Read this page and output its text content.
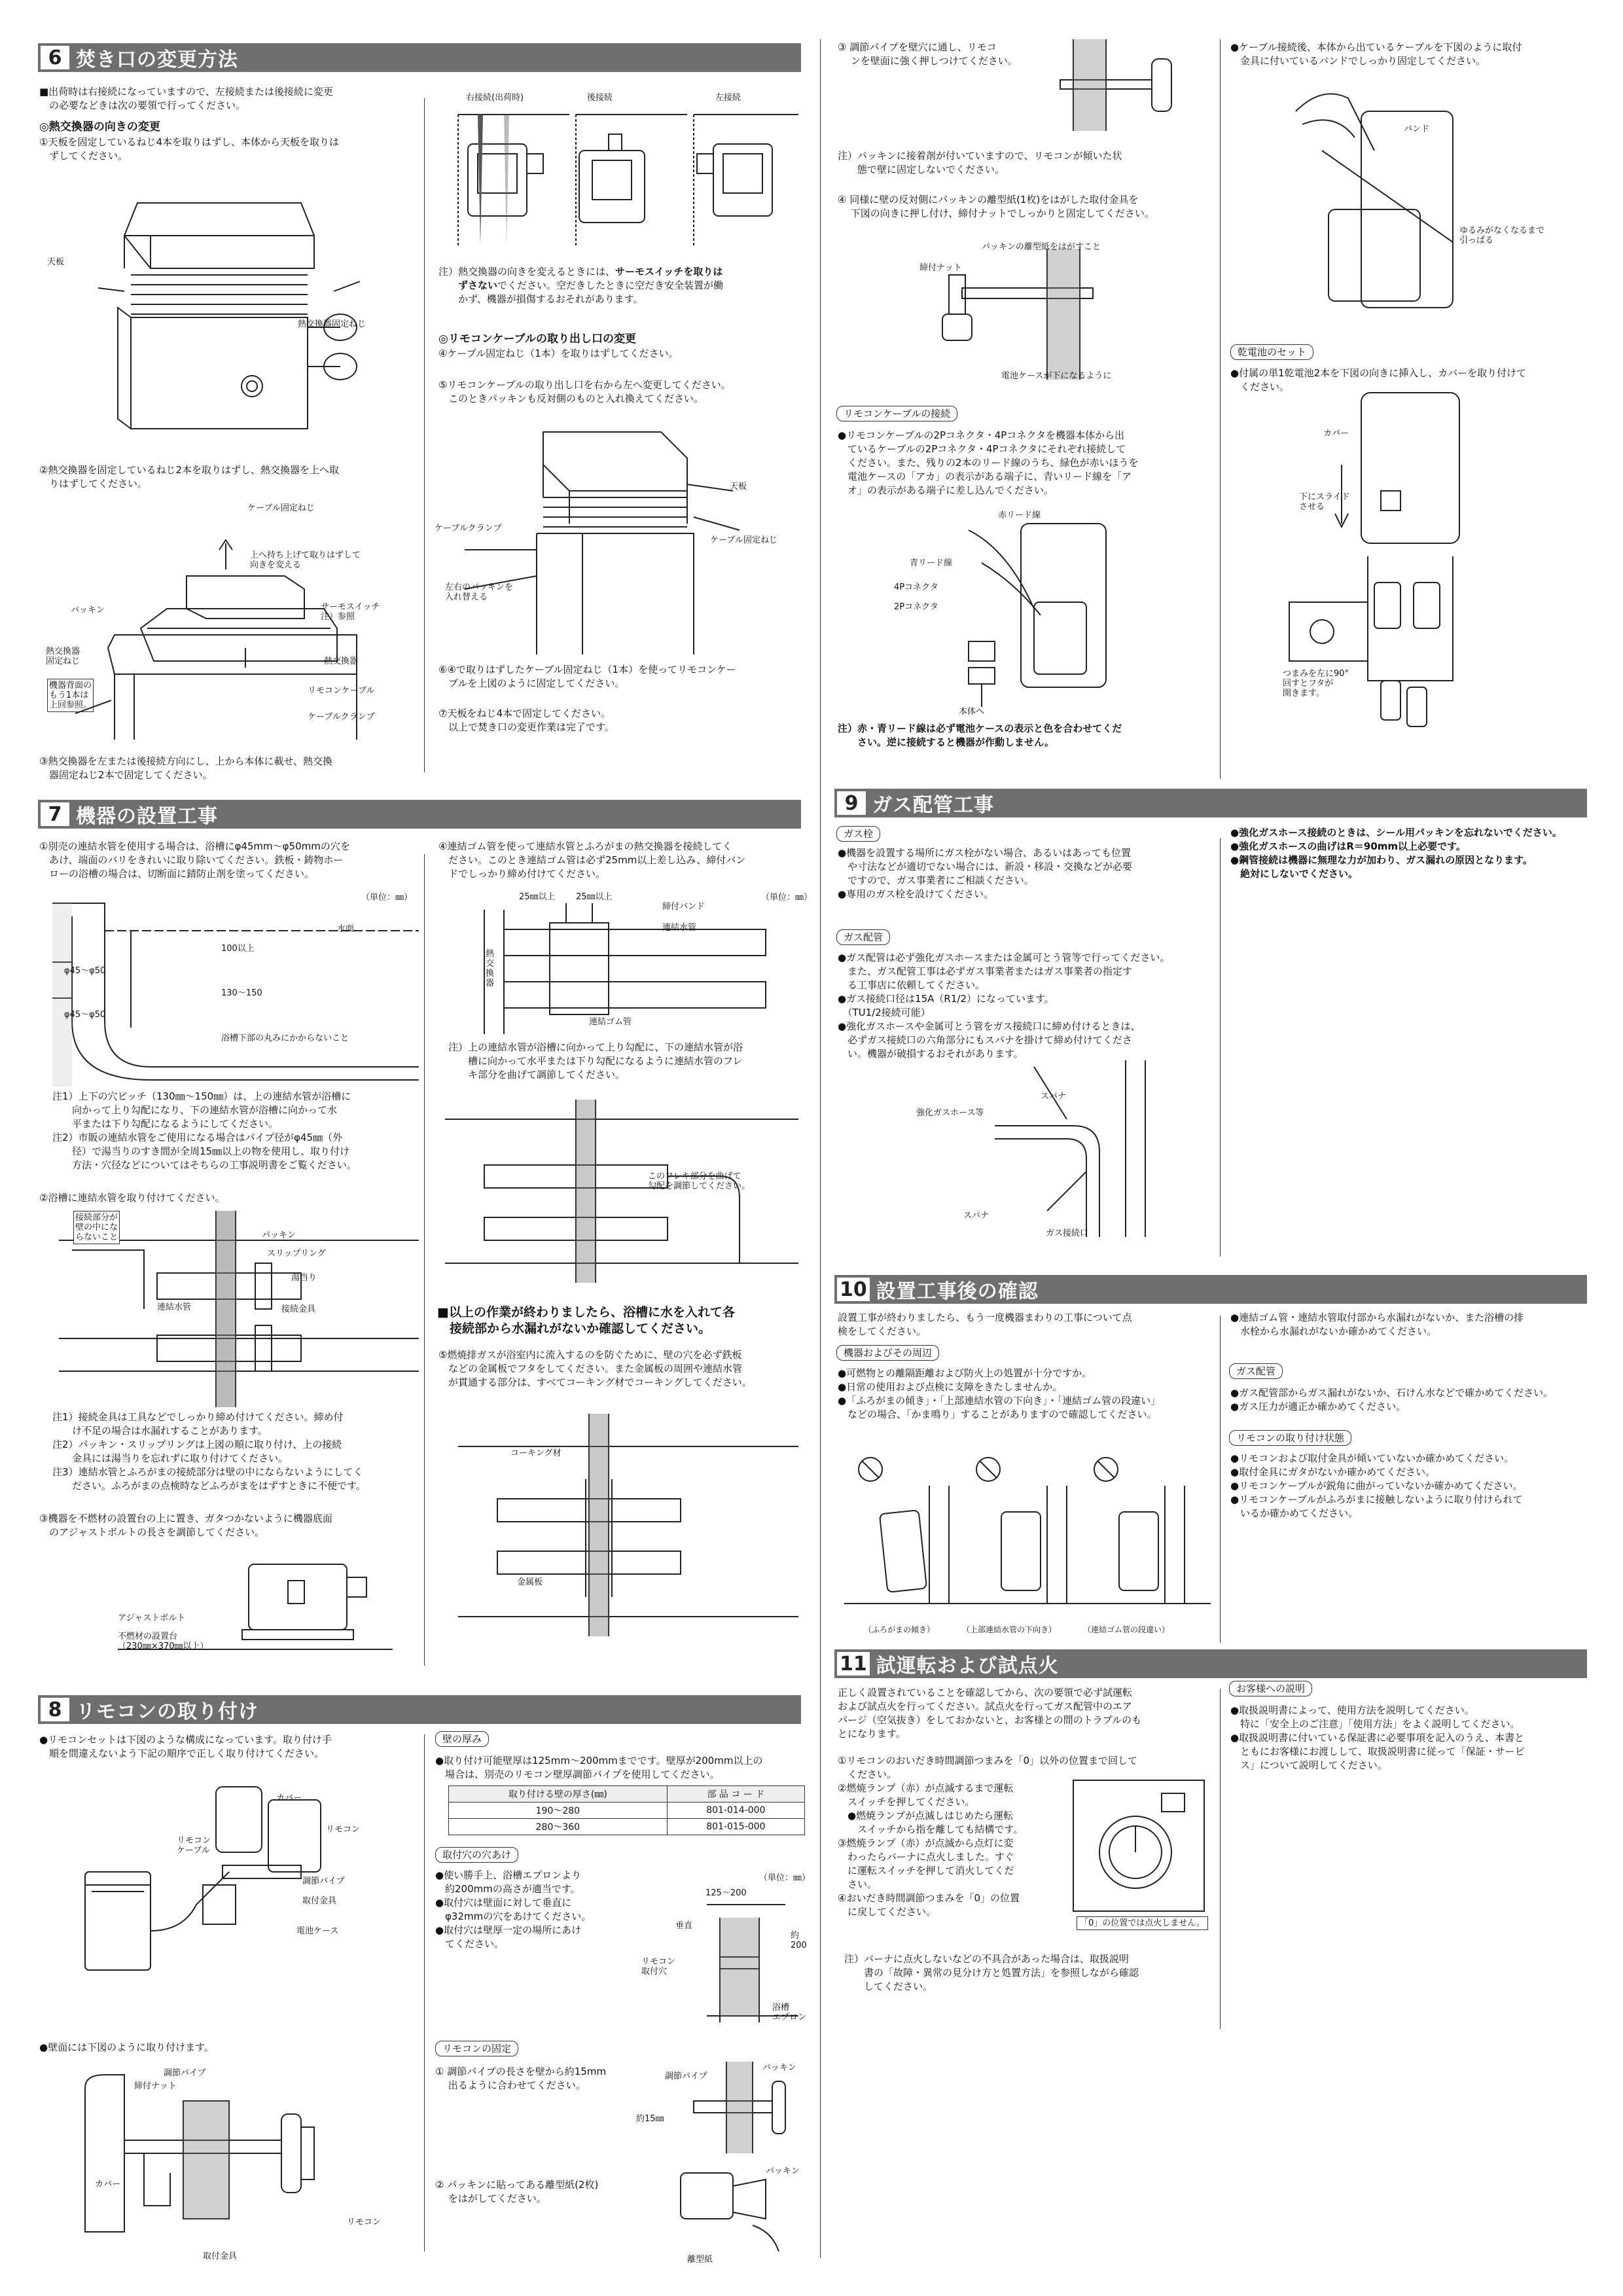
6 焚き口の変更方法
■出荷時は右接続になっていますので、左接続または後接続に変更
　の必要などきは次の要領で行ってください。
◎熱交換器の向きの変更
①天板を固定しているねじ4本を取りはずし、本体から天板を取りは
　ずしてください。
天板
熱交換器固定ねじ
②熱交換器を固定しているねじ2本を取りはずし、熱交換器を上へ取
　りはずしてください。
ケーブル固定ねじ
上へ持ち上げて取りはずして
向きを変える
パッキン	サーモスイッチ
注）参照
熱交換器
固定ねじ	熱交換器
機器背面の
もう1本は
上回参照。
リモコンケーブル
ケーブルクランプ
③熱交換器を左または後接続方向にし、上から本体に載せ、熱交換
　器固定ねじ2本で固定してください。
右接続(出荷時)	後接続	左接続
注）熱交換器の向きを変えるときには、サーモスイッチを取りは
　　ずさないでください。空だきしたときに空だき安全装置が働
　　かず、機器が損傷するおそれがあります。
◎リモコンケーブルの取り出し口の変更
④ケーブル固定ねじ（1本）を取りはずしてください。
⑤リモコンケーブルの取り出し口を右から左へ変更してください。
　このときパッキンも反対側のものと入れ換えてください。
天板
ケーブルクランプ
ケーブル固定ねじ
左右のパッキンを
入れ替える
⑥④で取りはずしたケーブル固定ねじ（1本）を使ってリモコンケー
　ブルを上図のように固定してください。
⑦天板をねじ4本で固定してください。
　以上で焚き口の変更作業は完了です。
7 機器の設置工事
①別売の連結水管を使用する場合は、浴槽にφ45mm～φ50mmの穴を
　あけ、端面のバリをきれいに取り除いてください。鉄板・鋳物ホー
　ローの浴槽の場合は、切断面に錆防止剤を塗ってください。
（単位：㎜）
水面
100以上
130～150
φ45～φ50
φ45～φ50
浴槽下部の丸みにかからないこと
注1）上下の穴ピッチ（130㎜～150㎜）は、上の連結水管が浴槽に
　　向かって上り勾配になり、下の連結水管が浴槽に向かって水
　　平または下り勾配になるようにしてください。
注2）市販の連結水管をご使用になる場合はパイプ径がφ45㎜（外
　　径）で湯当りのすき間が全周15㎜以上の物を使用し、取り付け
　　方法・穴径などについてはそちらの工事説明書をご覧ください。
②浴槽に連結水管を取り付けてください。
接続部分が
壁の中にな
らないこと	パッキン
スリップリング
湯当り
連結水管	接続金具
注1）接続金具は工具などでしっかり締め付けてください。締め付
　　け不足の場合は水漏れすることがあります。
注2）パッキン・スリップリングは上図の順に取り付け、上の接続
　　金具には湯当りを忘れずに取り付けてください。
注3）連結水管とふろがまの接続部分は壁の中にならないようにしてく
　　ださい。ふろがまの点検時などふろがまをはずすときに不便です。
③機器を不燃材の設置台の上に置き、ガタつかないように機器底面
　のアジャストボルトの長さを調節してください。
アジャストボルト
不燃材の設置台
（230㎜×370㎜以上）
④連結ゴム管を使って連結水管とふろがまの熱交換器を接続してく
　ださい。このとき連結ゴム管は必ず25mm以上差し込み、締付バン
　ドでしっかり締め付けてください。
（単位：㎜）
25㎜以上 25㎜以上
締付バンド
連結水管
熱
交
換
器
連結ゴム管
注）上の連結水管が浴槽に向かって上り勾配に、下の連結水管が浴
　　槽に向かって水平または下り勾配になるように連結水管のフレ
　　キ部分を曲げて調節してください。
このフレキ部分を曲げて
勾配を調節してください。
■以上の作業が終わりましたら、浴槽に水を入れて各
　接続部から水漏れがないか確認してください。
⑤燃焼排ガスが浴室内に流入するのを防ぐために、壁の穴を必ず鉄板
　などの金属板でフタをしてください。また金属板の周囲や連結水管
　が貫通する部分は、すべてコーキング材でコーキングしてください。
コーキング材
金属板
8 リモコンの取り付け
●リモコンセットは下図のような構成になっています。取り付け手
　順を間違えないよう下記の順序で正しく取り付けてください。
カバー
リモコン
リモコン
ケーブル
調節パイプ
取付金具
電池ケース
●壁面には下図のように取り付けます。
調節パイプ
締付ナット
カバー
リモコン
取付金具
壁の厚み
●取り付け可能壁厚は125mm～200mmまでです。壁厚が200mm以上の
　場合は、別売のリモコン壁厚調節パイプを使用してください。
取り付ける壁の厚さ(㎜)	部 品 コ ー ド
190～280	801-014-000
280～360	801-015-000
取付穴の穴あけ
●使い勝手上、浴槽エプロンより
　約200mmの高さが適当です。
●取付穴は壁面に対して垂直に
　φ32mmの穴をあけてください。
●取付穴は壁厚一定の場所にあけ
　てください。
（単位：㎜）
125～200
垂直
リモコン
取付穴
約
200
浴槽
エプロン
リモコンの固定
① 調節パイプの長さを壁から約15mm
　 出るように合わせてください。
調節パイプ
パッキン
約15㎜
② パッキンに貼ってある離型紙(2枚)
　 をはがしてください。
パッキン
離型紙
③ 調節パイプを壁穴に通し、リモコ
　 ンを壁面に強く押しつけてください。
注）パッキンに接着剤が付いていますので、リモコンが傾いた状
　　態で壁に固定しないでください。
④ 同様に壁の反対側にパッキンの離型紙(1枚)をはがした取付金具を
　 下図の向きに押し付け、締付ナットでしっかりと固定してください。
パッキンの離型紙をはがすこと
締付ナット
電池ケースが下になるように
リモコンケーブルの接続
●リモコンケーブルの2Pコネクタ・4Pコネクタを機器本体から出
　ているケーブルの2Pコネクタ・4Pコネクタにそれぞれ接続して
　ください。また、残りの2本のリード線のうち、緑色が赤いほうを
　電池ケースの「アカ」の表示がある端子に、青いリード線を「ア
　オ」の表示がある端子に差し込んでください。
赤リード線
青リード線
4Pコネクタ
2Pコネクタ
本体へ
注）赤・青リード線は必ず電池ケースの表示と色を合わせてくだ
　　さい。逆に接続すると機器が作動しません。
●ケーブル接続後、本体から出ているケーブルを下図のように取付
　金具に付いているバンドでしっかり固定してください。
バンド
ゆるみがなくなるまで
引っぱる
乾電池のセット
●付属の単1乾電池2本を下図の向きに挿入し、カバーを取り付けて
　ください。
カバー
下にスライド
させる
つまみを左に90°
回すとフタが
開きます。
9 ガス配管工事
ガス栓
●機器を設置する場所にガス栓がない場合、あるいはあっても位置
　や寸法などが適切でない場合には、新設・移設・交換などが必要
　ですので、ガス事業者にご相談ください。
●専用のガス栓を設けてください。
ガス配管
●ガス配管は必ず強化ガスホースまたは金属可とう管等で行ってください。
　また、ガス配管工事は必ずガス事業者またはガス事業者の指定す
　る工事店に依頼してください。
●ガス接続口径は15A（R1/2）になっています。
　（TU1/2接続可能）
●強化ガスホースや金属可とう管をガス接続口に締め付けるときは、
　必ずガス接続口の六角部分にもスパナを掛けて締め付けてくださ
　い。機器が破損するおそれがあります。
スパナ
強化ガスホース等
スパナ
ガス接続口
●強化ガスホース接続のときは、シール用パッキンを忘れないでください。
●強化ガスホースの曲げはR＝90mm以上必要です。
●鋼管接続は機器に無理な力が加わり、ガス漏れの原因となります。
　絶対にしないでください。
10 設置工事後の確認
設置工事が終わりましたら、もう一度機器まわりの工事について点
検をしてください。
機器およびその周辺
●可燃物との離隔距離および防火上の処置が十分ですか。
●日常の使用および点検に支障をきたしませんか。
●「ふろがまの傾き」・「上部連結水管の下向き」・「連結ゴム管の段違い」
　などの場合、「かま鳴り」することがありますので確認してください。
（ふろがまの傾き）	（上部連結水管の下向き）	（連結ゴム管の段違い）
●連結ゴム管・連結水管取付部から水漏れがないか、また浴槽の排
　水栓から水漏れがないか確かめてください。
ガス配管
●ガス配管部からガス漏れがないか、石けん水などで確かめてください。
●ガス圧力が適正か確かめてください。
リモコンの取り付け状態
●リモコンおよび取付金具が傾いていないか確かめてください。
●取付金具にガタがないか確かめてください。
●リモコンケーブルが鋭角に曲がっていないか確かめてください。
●リモコンケーブルがふろがまに接触しないように取り付けられて
　いるか確かめてください。
11 試運転および試点火
正しく設置されていることを確認してから、次の要領で必ず試運転
および試点火を行ってください。試点火を行ってガス配管中のエア
パージ（空気抜き）をしておかないと、お客様との間のトラブルのも
とになります。
①リモコンのおいだき時間調節つまみを「0」以外の位置まで回して
　ください。
②燃焼ランプ（赤）が点滅するまで運転
　スイッチを押してください。
　●燃焼ランプが点滅しはじめたら運転
　　スイッチから指を離しても結構です。
③燃焼ランプ（赤）が点滅から点灯に変
　わったらバーナに点火しました。すぐ
　に運転スイッチを押して消火してくだ
　さい。
④おいだき時間調節つまみを「0」の位置
　に戻してください。
「0」の位置では点火しません。
注）バーナに点火しないなどの不具合があった場合は、取扱説明
　　書の「故障・異常の見分け方と処置方法」を参照しながら確認
　　してください。
お客様への説明
●取扱説明書によって、使用方法を説明してください。
　特に「安全上のご注意」「使用方法」をよく説明してください。
●取扱説明書に付いている保証書に必要事項を記入のうえ、本書と
　ともにお客様にお渡しして、取扱説明書に従って「保証・サービ
　ス」について説明してください。
